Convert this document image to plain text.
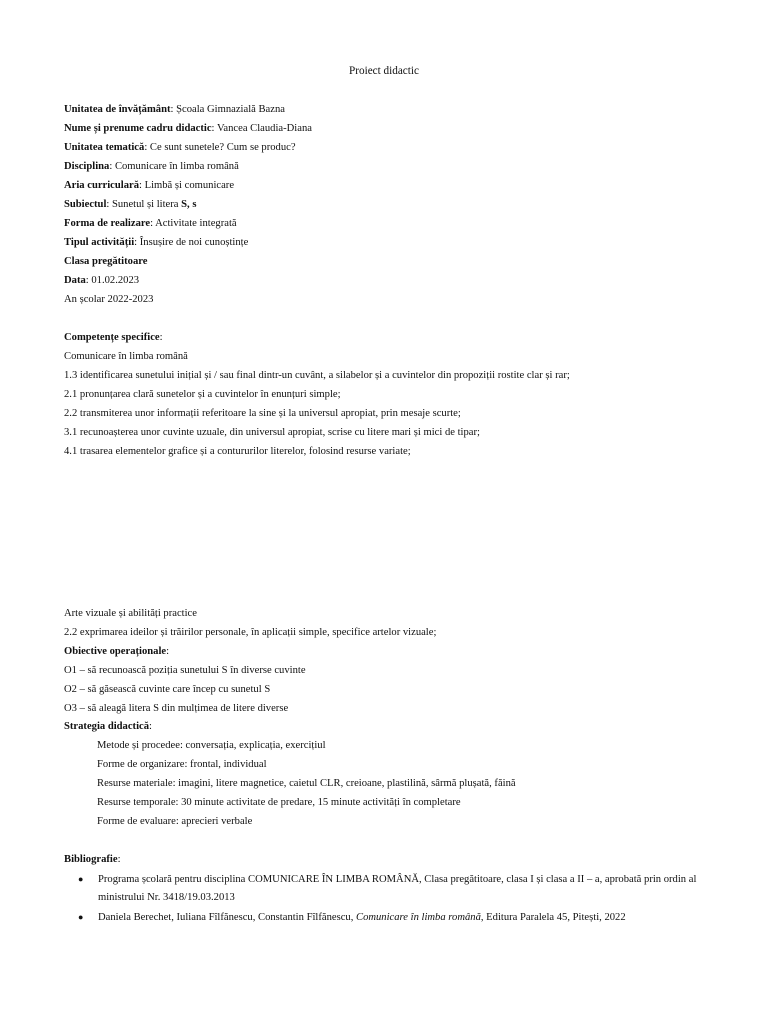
Proiect didactic
Unitatea de învățământ: Școala Gimnazială Bazna
Nume și prenume cadru didactic: Vancea Claudia-Diana
Unitatea tematică: Ce sunt sunetele? Cum se produc?
Disciplina: Comunicare în limba română
Aria curriculară: Limbă și comunicare
Subiectul: Sunetul și litera S, s
Forma de realizare: Activitate integrată
Tipul activității: Însușire de noi cunoștințe
Clasa pregătitoare
Data: 01.02.2023
An școlar 2022-2023
Competențe specifice:
Comunicare în limba română
1.3 identificarea sunetului inițial și / sau final dintr-un cuvânt, a silabelor și a cuvintelor din propoziții rostite clar și rar;
2.1 pronunțarea clară sunetelor și a cuvintelor în enunțuri simple;
2.2 transmiterea unor informații referitoare la sine și la universul apropiat, prin mesaje scurte;
3.1 recunoașterea unor cuvinte uzuale, din universul apropiat, scrise cu litere mari și mici de tipar;
4.1 trasarea elementelor grafice și a contururilor literelor, folosind resurse variate;
Arte vizuale și abilități practice
2.2 exprimarea ideilor și trăirilor personale, în aplicații simple, specifice artelor vizuale;
Obiective operaționale:
O1 – să recunoască poziția sunetului S în diverse cuvinte
O2 – să găsească cuvinte care încep cu sunetul S
O3 – să aleagă litera S din mulțimea de litere diverse
Strategia didactică:
Metode și procedee: conversația, explicația, exercițiul
Forme de organizare: frontal, individual
Resurse materiale: imagini, litere magnetice, caietul CLR, creioane, plastilină, sârmă plușată, făină
Resurse temporale: 30 minute activitate de predare, 15 minute activități în completare
Forme de evaluare: aprecieri verbale
Bibliografie:
● Programa școlară pentru disciplina COMUNICARE ÎN LIMBA ROMÂNĂ, Clasa pregătitoare, clasa I și clasa a II – a, aprobată prin ordin al ministrului Nr. 3418/19.03.2013
● Daniela Berechet, Iuliana Fîlfănescu, Constantin Fîlfănescu, Comunicare în limba română, Editura Paralela 45, Pitești, 2022
